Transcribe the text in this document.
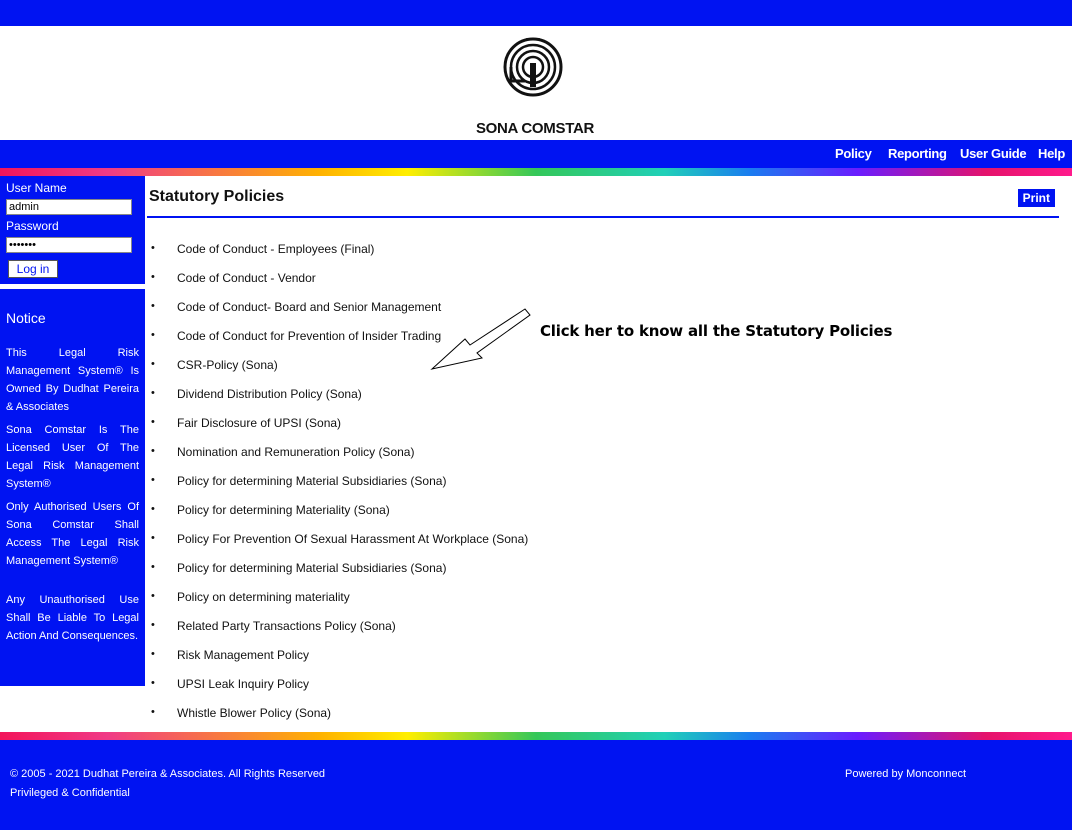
SONA COMSTAR
Policy Reporting User Guide Help
User Name
admin
Password
•••••••
Log in
Notice
This Legal Risk Management System® Is Owned By Dudhat Pereira & Associates
Sona Comstar Is The Licensed User Of The Legal Risk Management System®
Only Authorised Users Of Sona Comstar Shall Access The Legal Risk Management System®
Any Unauthorised Use Shall Be Liable To Legal Action And Consequences.
Statutory Policies	Print
• Code of Conduct - Employees (Final)
• Code of Conduct - Vendor
• Code of Conduct- Board and Senior Management
• Code of Conduct for Prevention of Insider Trading
• CSR-Policy (Sona)
• Dividend Distribution Policy (Sona)
• Fair Disclosure of UPSI (Sona)
• Nomination and Remuneration Policy (Sona)
• Policy for determining Material Subsidiaries (Sona)
• Policy for determining Materiality (Sona)
• Policy For Prevention Of Sexual Harassment At Workplace (Sona)
• Policy for determining Material Subsidiaries (Sona)
• Policy on determining materiality
• Related Party Transactions Policy (Sona)
• Risk Management Policy
• UPSI Leak Inquiry Policy
• Whistle Blower Policy (Sona)
Click her to know all the Statutory Policies
© 2005 - 2021 Dudhat Pereira & Associates. All Rights Reserved
Privileged & Confidential
Powered by Monconnect
